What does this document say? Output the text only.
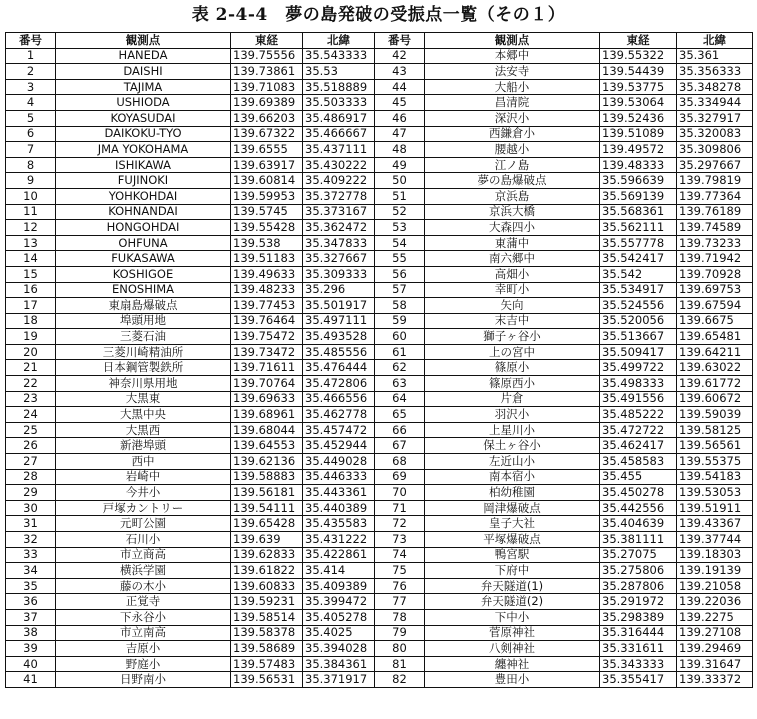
表 2-4-4　夢の島発破の受振点一覧（その１）
番号	観測点	東経	北緯	番号	観測点	東経	北緯
1	HANEDA	139.75556	35.543333	42	本郷中	139.55322	35.361
2	DAISHI	139.73861	35.53	43	法安寺	139.54439	35.356333
3	TAJIMA	139.71083	35.518889	44	大船小	139.53775	35.348278
4	USHIODA	139.69389	35.503333	45	昌清院	139.53064	35.334944
5	KOYASUDAI	139.66203	35.486917	46	深沢小	139.52436	35.327917
6	DAIKOKU-TYO	139.67322	35.466667	47	西鎌倉小	139.51089	35.320083
7	JMA YOKOHAMA	139.6555	35.437111	48	腰越小	139.49572	35.309806
8	ISHIKAWA	139.63917	35.430222	49	江ノ島	139.48333	35.297667
9	FUJINOKI	139.60814	35.409222	50	夢の島爆破点	35.596639	139.79819
10	YOHKOHDAI	139.59953	35.372778	51	京浜島	35.569139	139.77364
11	KOHNANDAI	139.5745	35.373167	52	京浜大橋	35.568361	139.76189
12	HONGOHDAI	139.55428	35.362472	53	大森四小	35.562111	139.74589
13	OHFUNA	139.538	35.347833	54	東蒲中	35.557778	139.73233
14	FUKASAWA	139.51183	35.327667	55	南六郷中	35.542417	139.71942
15	KOSHIGOE	139.49633	35.309333	56	高畑小	35.542	139.70928
16	ENOSHIMA	139.48233	35.296	57	幸町小	35.534917	139.69753
17	東扇島爆破点	139.77453	35.501917	58	矢向	35.524556	139.67594
18	埠頭用地	139.76464	35.497111	59	末吉中	35.520056	139.6675
19	三菱石油	139.75472	35.493528	60	獅子ヶ谷小	35.513667	139.65481
20	三菱川崎精油所	139.73472	35.485556	61	上の宮中	35.509417	139.64211
21	日本鋼管製鉄所	139.71611	35.476444	62	篠原小	35.499722	139.63022
22	神奈川県用地	139.70764	35.472806	63	篠原西小	35.498333	139.61772
23	大黒東	139.69633	35.466556	64	片倉	35.491556	139.60672
24	大黒中央	139.68961	35.462778	65	羽沢小	35.485222	139.59039
25	大黒西	139.68044	35.457472	66	上星川小	35.472722	139.58125
26	新港埠頭	139.64553	35.452944	67	保土ヶ谷小	35.462417	139.56561
27	西中	139.62136	35.449028	68	左近山小	35.458583	139.55375
28	岩崎中	139.58883	35.446333	69	南本宿小	35.455	139.54183
29	今井小	139.56181	35.443361	70	柏幼稚園	35.450278	139.53053
30	戸塚カントリー	139.54111	35.440389	71	岡津爆破点	35.442556	139.51911
31	元町公園	139.65428	35.435583	72	皇子大社	35.404639	139.43367
32	石川小	139.639	35.431222	73	平塚爆破点	35.381111	139.37744
33	市立商高	139.62833	35.422861	74	鴨宮駅	35.27075	139.18303
34	横浜学園	139.61822	35.414	75	下府中	35.275806	139.19139
35	藤の木小	139.60833	35.409389	76	弁天隧道(1)	35.287806	139.21058
36	正覚寺	139.59231	35.399472	77	弁天隧道(2)	35.291972	139.22036
37	下永谷小	139.58514	35.405278	78	下中小	35.298389	139.2275
38	市立南高	139.58378	35.4025	79	菅原神社	35.316444	139.27108
39	吉原小	139.58689	35.394028	80	八剣神社	35.331611	139.29469
40	野庭小	139.57483	35.384361	81	纏神社	35.343333	139.31647
41	日野南小	139.56531	35.371917	82	豊田小	35.355417	139.33372
